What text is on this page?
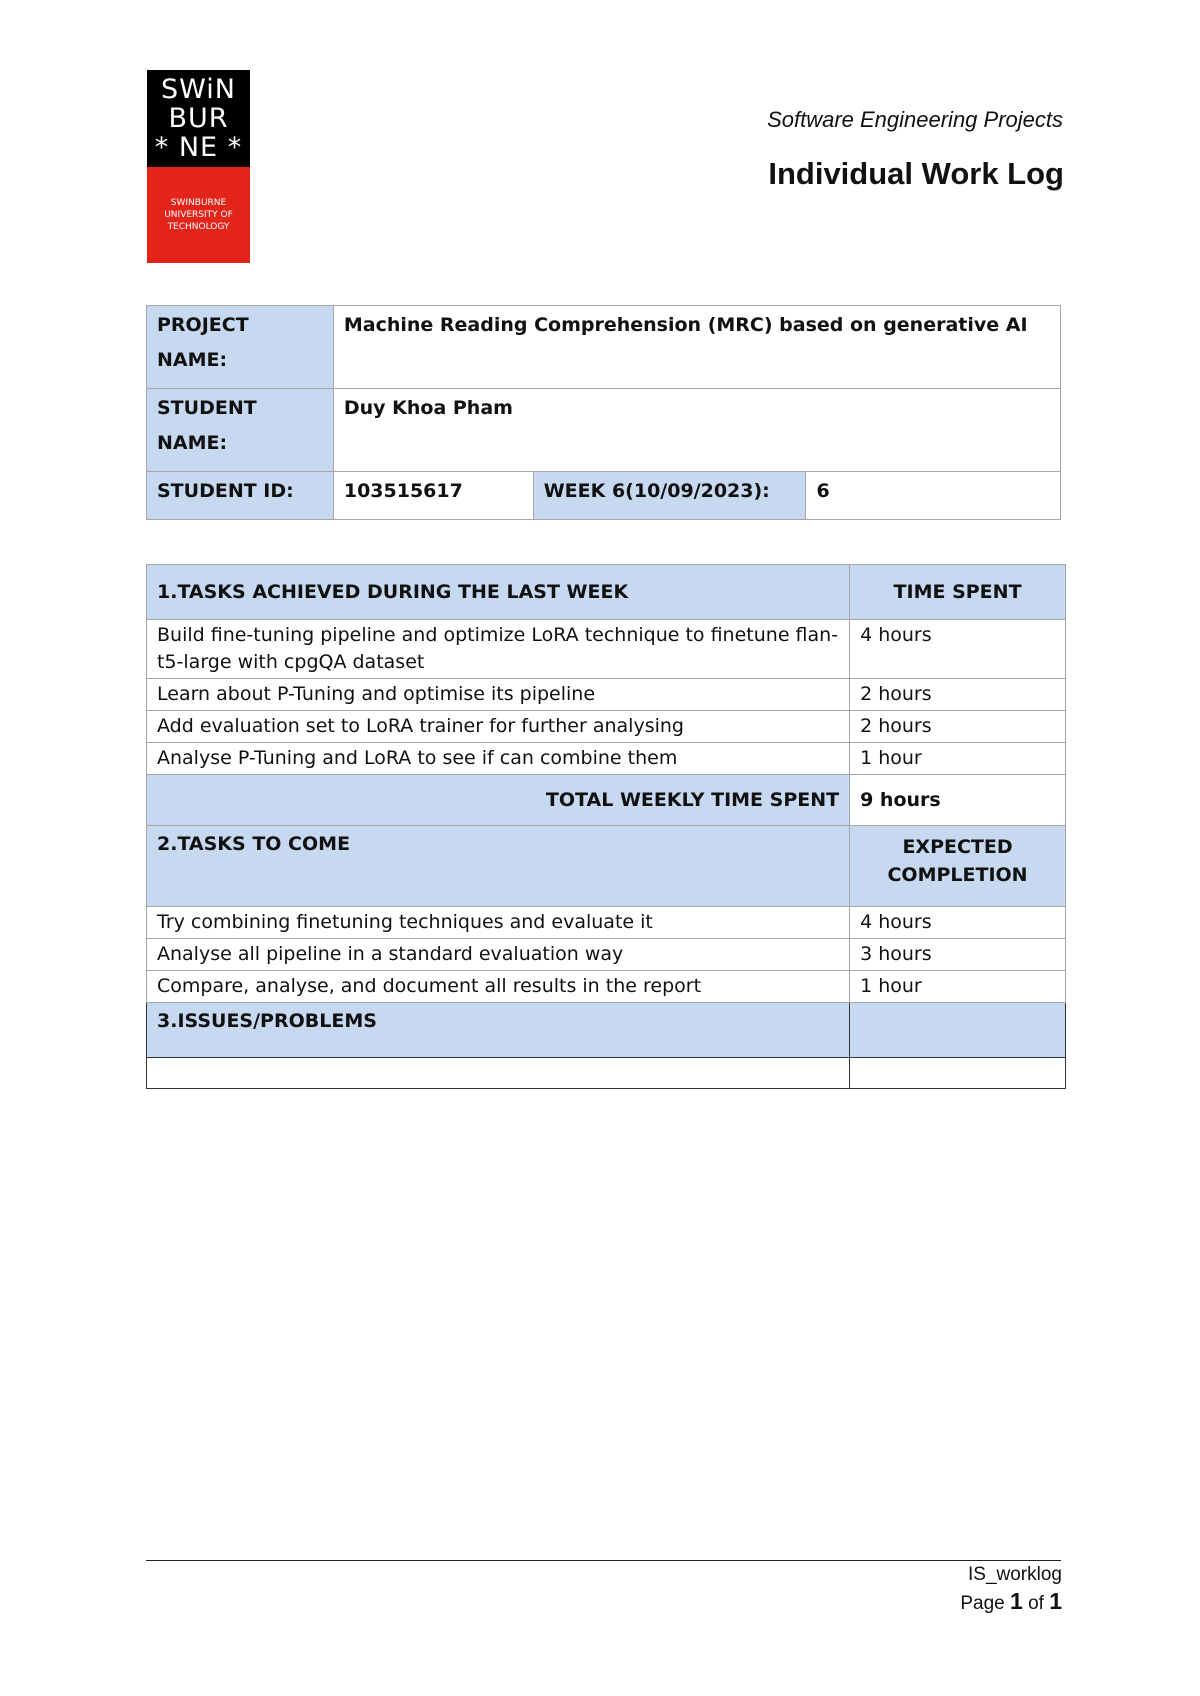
SWiN
BUR
* NE *
SWINBURNE
UNIVERSITY OF
TECHNOLOGY
Software Engineering Projects
Individual Work Log
PROJECT NAME:	Machine Reading Comprehension (MRC) based on generative AI		
STUDENT NAME:	Duy Khoa Pham		
STUDENT ID:	103515617	WEEK 6(10/09/2023):	6
1.TASKS ACHIEVED DURING THE LAST WEEK	TIME SPENT
Build fine-tuning pipeline and optimize LoRA technique to finetune flan-t5-large with cpgQA dataset	4 hours
Learn about P-Tuning and optimise its pipeline	2 hours
Add evaluation set to LoRA trainer for further analysing	2 hours
Analyse P-Tuning and LoRA to see if can combine them	1 hour
TOTAL WEEKLY TIME SPENT	9 hours
2.TASKS TO COME	EXPECTED COMPLETION
Try combining finetuning techniques and evaluate it	4 hours
Analyse all pipeline in a standard evaluation way	3 hours
Compare, analyse, and document all results in the report	1 hour
3.ISSUES/PROBLEMS	

IS_worklog
Page 1 of 1
